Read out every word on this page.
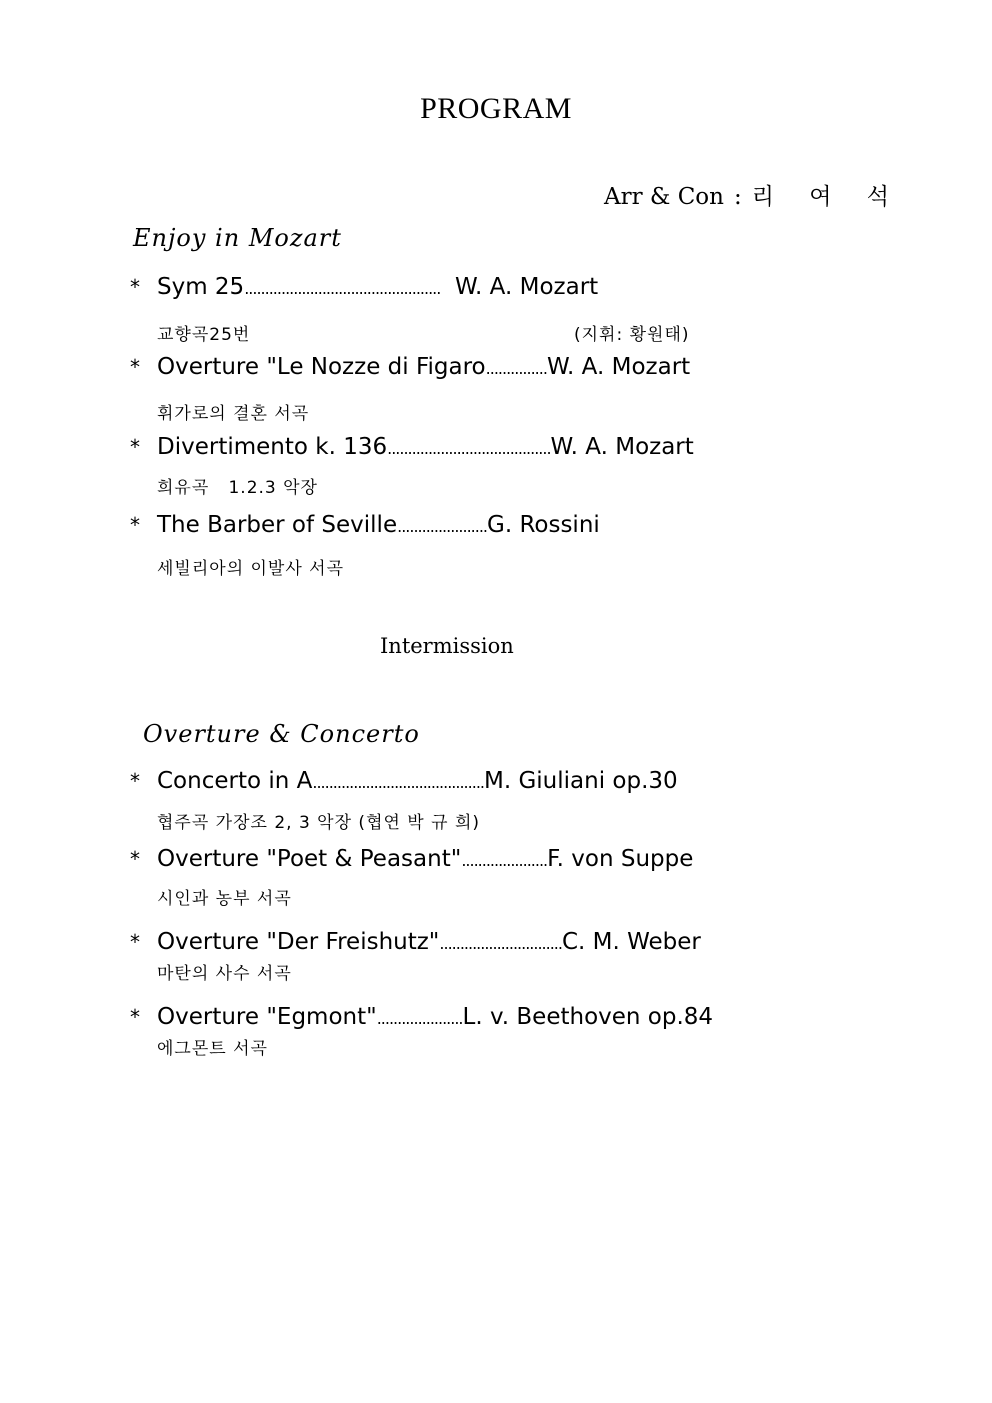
PROGRAM
Arr & Con : 리 여 석
Enjoy in Mozart
* Sym 25................................................ W. A. Mozart
교향곡25번	(지휘: 황원태)
* Overture "Le Nozze di Figaro...............W. A. Mozart
휘가로의 결혼 서곡
* Divertimento k. 136........................................W. A. Mozart
희유곡   1.2.3 악장
* The Barber of Seville......................G. Rossini
세빌리아의 이발사 서곡
Intermission
Overture & Concerto
* Concerto in A..........................................M. Giuliani op.30
협주곡 가장조 2, 3 악장 (협연 박 규 희)
* Overture "Poet & Peasant".....................F. von Suppe
시인과 농부 서곡
* Overture "Der Freishutz"..............................C. M. Weber
마탄의 사수 서곡
* Overture "Egmont".....................L. v. Beethoven op.84
에그몬트 서곡
